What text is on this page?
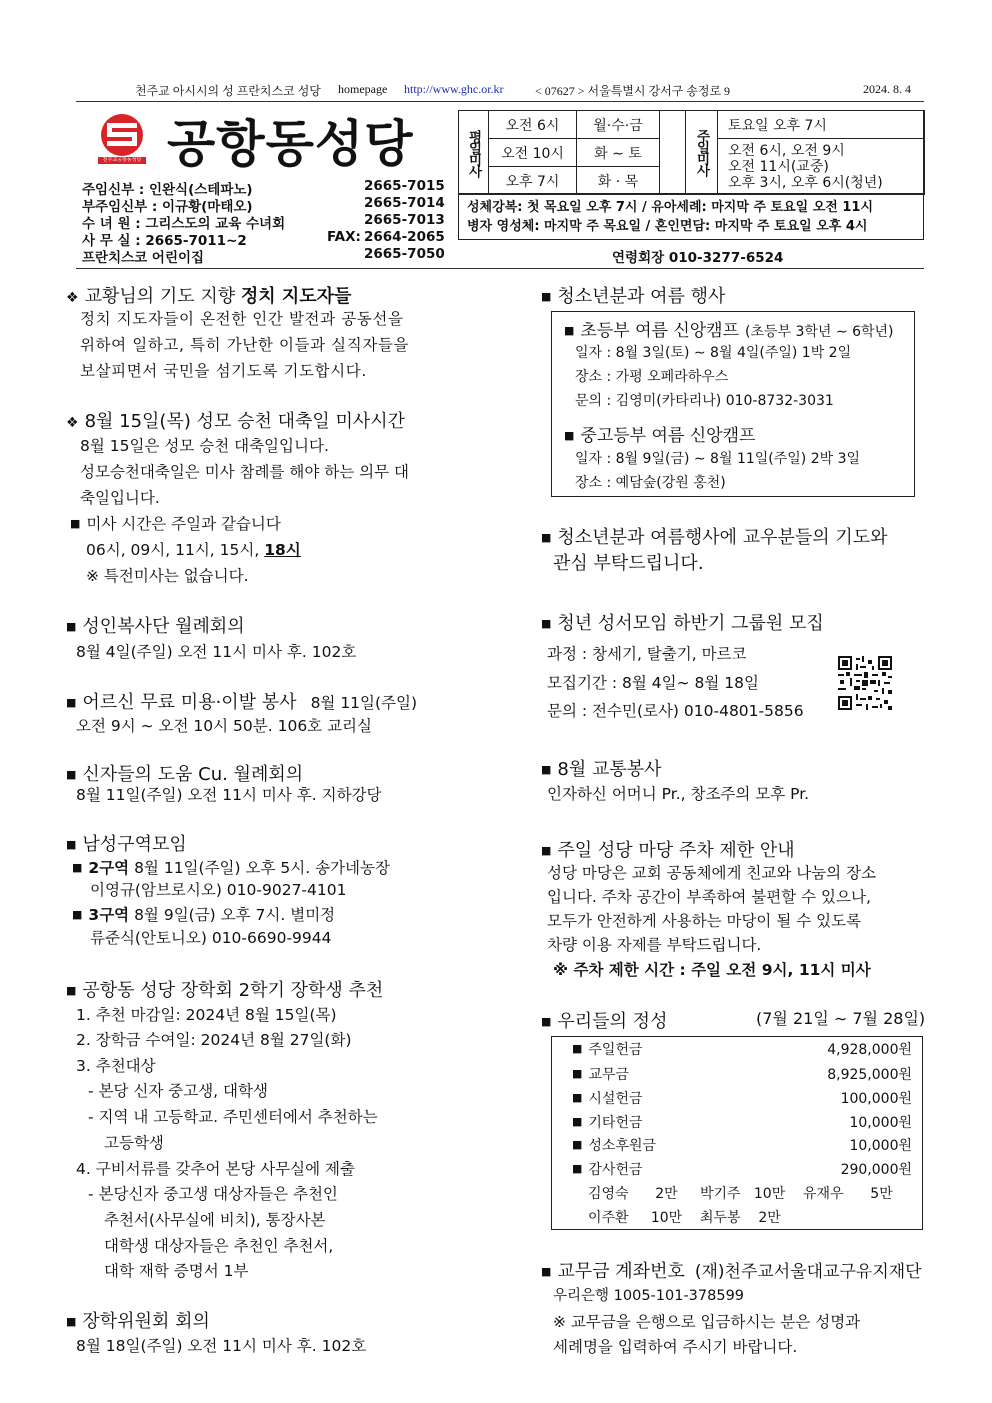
천주교 아시시의 성 프란치스코 성당 homepage http://www.ghc.or.kr	< 07627 > 서울특별시 강서구 송정로 9	2024. 8. 4
천주교공항동성당 공항동성당
주임신부 : 인완식(스테파노)	2665-7015
부주임신부 : 이규황(마태오)	2665-7014
수 녀 원 : 그리스도의 교육 수녀회	2665-7013
사 무 실 : 2665-7011∼2	FAX: 2664-2065
프란치스코 어린이집	2665-7050
평일미사
오전 6시	월·수·금
오전 10시	화 ∼ 토
오후 7시	화 · 목
주일미사
토요일 오후 7시
오전 6시, 오전 9시
오전 11시(교중)
오후 3시, 오후 6시(청년)
성체강복: 첫 목요일 오후 7시 / 유아세례: 마지막 주 토요일 오전 11시
병자 영성체: 마지막 주 목요일 / 혼인면담: 마지막 주 토요일 오후 4시
연령회장 010-3277-6524
❖ 교황님의 기도 지향 정치 지도자들
정치 지도자들이 온전한 인간 발전과 공동선을
위하여 일하고, 특히 가난한 이들과 실직자들을
보살피면서 국민을 섬기도록 기도합시다.
❖ 8월 15일(목) 성모 승천 대축일 미사시간
8월 15일은 성모 승천 대축일입니다.
성모승천대축일은 미사 참례를 해야 하는 의무 대
축일입니다.
■ 미사 시간은 주일과 같습니다
06시, 09시, 11시, 15시, 18시
※ 특전미사는 없습니다.
■ 성인복사단 월례회의
8월 4일(주일) 오전 11시 미사 후. 102호
■ 어르신 무료 미용·이발 봉사 8월 11일(주일)
오전 9시 ∼ 오전 10시 50분. 106호 교리실
■ 신자들의 도움 Cu. 월례회의
8월 11일(주일) 오전 11시 미사 후. 지하강당
■ 남성구역모임
■ 2구역 8월 11일(주일) 오후 5시. 송가네농장
이영규(암브로시오) 010-9027-4101
■ 3구역 8월 9일(금) 오후 7시. 별미정
류준식(안토니오) 010-6690-9944
■ 공항동 성당 장학회 2학기 장학생 추천
1. 추천 마감일: 2024년 8월 15일(목)
2. 장학금 수여일: 2024년 8월 27일(화)
3. 추천대상
- 본당 신자 중고생, 대학생
- 지역 내 고등학교. 주민센터에서 추천하는
고등학생
4. 구비서류를 갖추어 본당 사무실에 제출
- 본당신자 중고생 대상자들은 추천인
추천서(사무실에 비치), 통장사본
대학생 대상자들은 추천인 추천서,
대학 재학 증명서 1부
■ 장학위원회 회의
8월 18일(주일) 오전 11시 미사 후. 102호
■ 청소년분과 여름 행사
■ 초등부 여름 신앙캠프 (초등부 3학년 ∼ 6학년)
일자 : 8월 3일(토) ∼ 8월 4일(주일) 1박 2일
장소 : 가평 오페라하우스
문의 : 김영미(카타리나) 010-8732-3031
■ 중고등부 여름 신앙캠프
일자 : 8월 9일(금) ∼ 8월 11일(주일) 2박 3일
장소 : 예담숲(강원 홍천)
■ 청소년분과 여름행사에 교우분들의 기도와
관심 부탁드립니다.
■ 청년 성서모임 하반기 그룹원 모집
과정 : 창세기, 탈출기, 마르코
모집기간 : 8월 4일∼ 8월 18일
문의 : 전수민(로사) 010-4801-5856
■ 8월 교통봉사
인자하신 어머니 Pr., 창조주의 모후 Pr.
■ 주일 성당 마당 주차 제한 안내
성당 마당은 교회 공동체에게 친교와 나눔의 장소
입니다. 주차 공간이 부족하여 불편할 수 있으나,
모두가 안전하게 사용하는 마당이 될 수 있도록
차량 이용 자제를 부탁드립니다.
※ 주차 제한 시간 : 주일 오전 9시, 11시 미사
■ 우리들의 정성	(7월 21일 ∼ 7월 28일)
■ 주일헌금	4,928,000원
■ 교무금	8,925,000원
■ 시설헌금	100,000원
■ 기타헌금	10,000원
■ 성소후원금	10,000원
■ 감사헌금	290,000원
김영숙      2만     박기주   10만    유재우      5만
이주환     10만    최두봉    2만
■ 교무금 계좌번호 (재)천주교서울대교구유지재단
우리은행 1005-101-378599
※ 교무금을 은행으로 입금하시는 분은 성명과
세례명을 입력하여 주시기 바랍니다.
